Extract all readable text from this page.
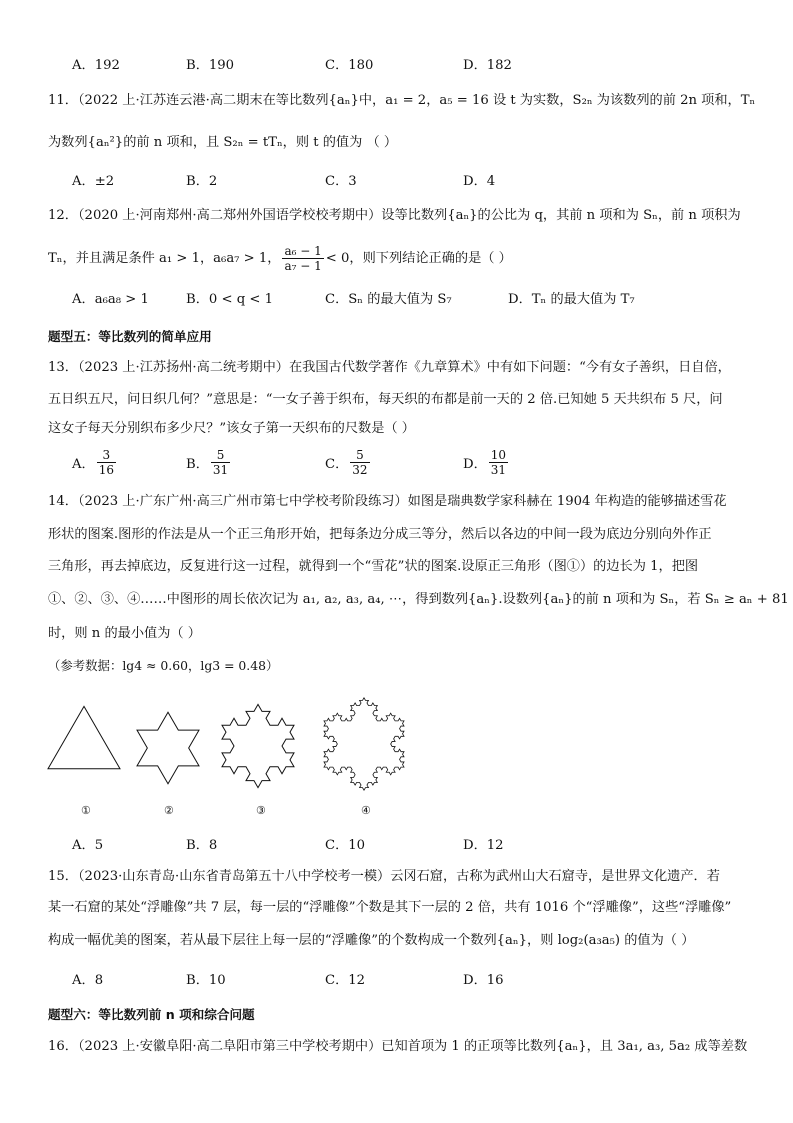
A．192	B．190	C．180	D．182
11．（2022 上·江苏连云港·高二期末在等比数列{aₙ}中，a₁ = 2，a₅ = 16 设 t 为实数，S₂ₙ 为该数列的前 2n 项和，Tₙ
为数列{aₙ²}的前 n 项和，且 S₂ₙ = tTₙ，则 t 的值为 （ ）
A．±2	B．2	C．3	D．4
12．（2020 上·河南郑州·高二郑州外国语学校校考期中）设等比数列{aₙ}的公比为 q，其前 n 项和为 Sₙ，前 n 项积为
Tₙ，并且满足条件 a₁ > 1，a₆a₇ > 1， $\frac{\text{a₆ − 1}}{\text{a₇ − 1}} < 0$，则下列结论正确的是（ ）
A．a₆a₈ > 1	B．0 < q < 1	C．Sₙ 的最大值为 S₇	D．Tₙ 的最大值为 T₇
题型五：等比数列的简单应用
13．（2023 上·江苏扬州·高二统考期中）在我国古代数学著作《九章算术》中有如下问题：“今有女子善织，日自倍，
五日织五尺，问日织几何？”意思是：“一女子善于织布，每天织的布都是前一天的 2 倍.已知她 5 天共织布 5 尺，问
这女子每天分别织布多少尺？”该女子第一天织布的尺数是（ ）
A． $\frac{3}{16}$	B． $\frac{5}{31}$	C． $\frac{5}{32}$	D． $\frac{10}{31}$
14．（2023 上·广东广州·高三广州市第七中学校考阶段练习）如图是瑞典数学家科赫在 1904 年构造的能够描述雪花
形状的图案.图形的作法是从一个正三角形开始，把每条边分成三等分，然后以各边的中间一段为底边分别向外作正
三角形，再去掉底边，反复进行这一过程，就得到一个“雪花”状的图案.设原正三角形（图①）的边长为 1，把图
①、②、③、④……中图形的周长依次记为 a₁, a₂, a₃, a₄, ⋯，得到数列{aₙ}.设数列{aₙ}的前 n 项和为 Sₙ，若 Sₙ ≥ aₙ + 81
时，则 n 的最小值为（ ）
（参考数据：lg4 ≈ 0.60，lg3 = 0.48）
①	②	③	④
A．5	B．8	C．10	D．12
15．（2023·山东青岛·山东省青岛第五十八中学校考一模）云冈石窟，古称为武州山大石窟寺，是世界文化遗产．若
某一石窟的某处“浮雕像”共 7 层，每一层的“浮雕像”个数是其下一层的 2 倍，共有 1016 个“浮雕像”，这些“浮雕像”
构成一幅优美的图案，若从最下层往上每一层的“浮雕像”的个数构成一个数列{aₙ}，则 log₂(a₃a₅) 的值为（ ）
A．8	B．10	C．12	D．16
题型六：等比数列前 n 项和综合问题
16．（2023 上·安徽阜阳·高二阜阳市第三中学校考期中）已知首项为 1 的正项等比数列{aₙ}，且 3a₁, a₃, 5a₂ 成等差数
